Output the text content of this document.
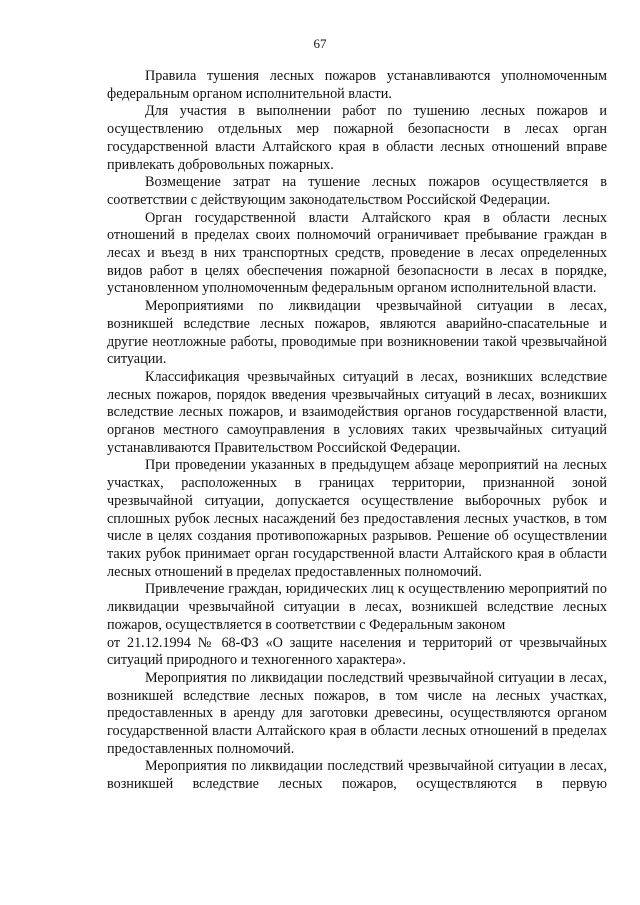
67

Правила тушения лесных пожаров устанавливаются уполномоченным федеральным органом исполнительной власти.

Для участия в выполнении работ по тушению лесных пожаров и осуществлению отдельных мер пожарной безопасности в лесах орган государственной власти Алтайского края в области лесных отношений вправе привлекать добровольных пожарных.

Возмещение затрат на тушение лесных пожаров осуществляется в соответствии с действующим законодательством Российской Федерации.

Орган государственной власти Алтайского края в области лесных отношений в пределах своих полномочий ограничивает пребывание граждан в лесах и въезд в них транспортных средств, проведение в лесах определенных видов работ в целях обеспечения пожарной безопасности в лесах в порядке, установленном уполномоченным федеральным органом исполнительной власти.

Мероприятиями по ликвидации чрезвычайной ситуации в лесах, возникшей вследствие лесных пожаров, являются аварийно-спасательные и другие неотложные работы, проводимые при возникновении такой чрезвычайной ситуации.

Классификация чрезвычайных ситуаций в лесах, возникших вследствие лесных пожаров, порядок введения чрезвычайных ситуаций в лесах, возникших вследствие лесных пожаров, и взаимодействия органов государственной власти, органов местного самоуправления в условиях таких чрезвычайных ситуаций устанавливаются Правительством Российской Федерации.

При проведении указанных в предыдущем абзаце мероприятий на лесных участках, расположенных в границах территории, признанной зоной чрезвычайной ситуации, допускается осуществление выборочных рубок и сплошных рубок лесных насаждений без предоставления лесных участков, в том числе в целях создания противопожарных разрывов. Решение об осуществлении таких рубок принимает орган государственной власти Алтайского края в области лесных отношений в пределах предоставленных полномочий.

Привлечение граждан, юридических лиц к осуществлению мероприятий по ликвидации чрезвычайной ситуации в лесах, возникшей вследствие лесных пожаров, осуществляется в соответствии с Федеральным законом

от 21.12.1994 № 68-ФЗ «О защите населения и территорий от чрезвычайных ситуаций природного и техногенного характера».

Мероприятия по ликвидации последствий чрезвычайной ситуации в лесах, возникшей вследствие лесных пожаров, в том числе на лесных участках, предоставленных в аренду для заготовки древесины, осуществляются органом государственной власти Алтайского края в области лесных отношений в пределах предоставленных полномочий.

Мероприятия по ликвидации последствий чрезвычайной ситуации в лесах, возникшей вследствие лесных пожаров, осуществляются в первую
